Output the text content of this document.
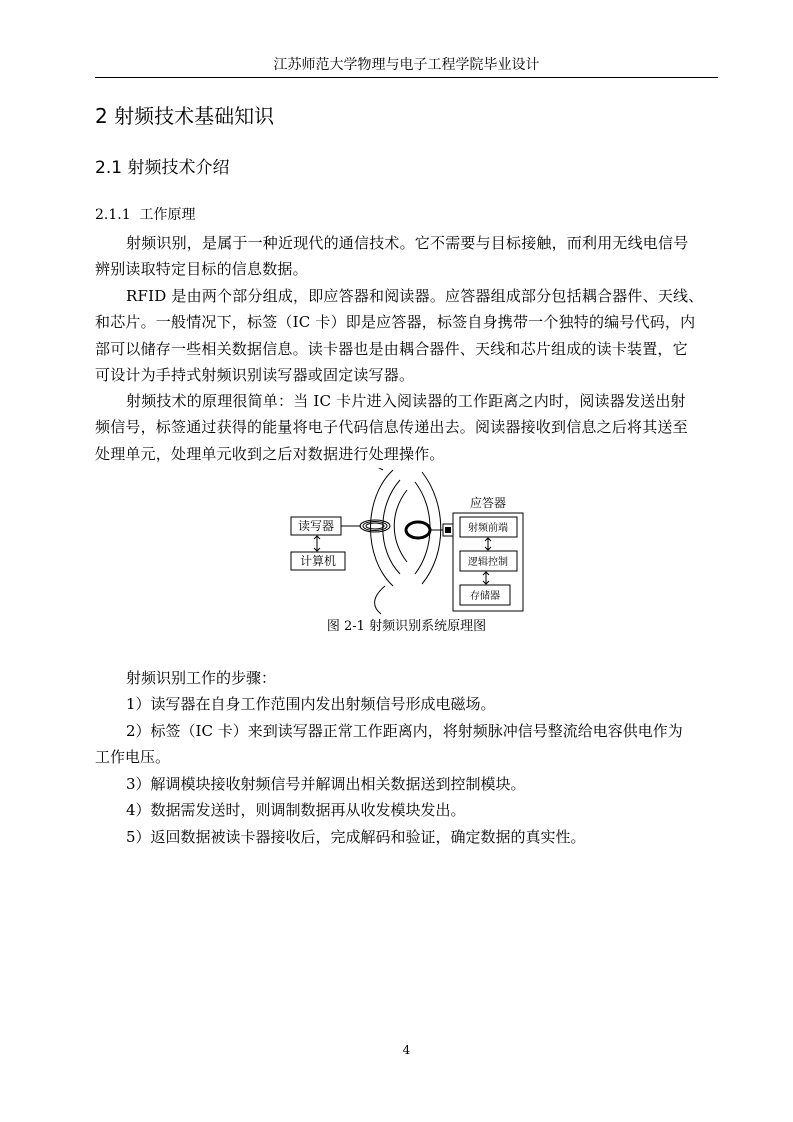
江苏师范大学物理与电子工程学院毕业设计
2 射频技术基础知识
2.1 射频技术介绍
2.1.1 工作原理
射频识别，是属于一种近现代的通信技术。它不需要与目标接触，而利用无线电信号
辨别读取特定目标的信息数据。
RFID 是由两个部分组成，即应答器和阅读器。应答器组成部分包括耦合器件、天线、
和芯片。一般情况下，标签（IC 卡）即是应答器，标签自身携带一个独特的编号代码，内
部可以储存一些相关数据信息。读卡器也是由耦合器件、天线和芯片组成的读卡装置，它
可设计为手持式射频识别读写器或固定读写器。
射频技术的原理很简单：当 IC 卡片进入阅读器的工作距离之内时，阅读器发送出射
频信号，标签通过获得的能量将电子代码信息传递出去。阅读器接收到信息之后将其送至
处理单元，处理单元收到之后对数据进行处理操作。
读写器
计算机
应答器
射频前端
逻辑控制
存储器
图 2-1 射频识别系统原理图
射频识别工作的步骤：
1）读写器在自身工作范围内发出射频信号形成电磁场。
2）标签（IC 卡）来到读写器正常工作距离内，将射频脉冲信号整流给电容供电作为
工作电压。
3）解调模块接收射频信号并解调出相关数据送到控制模块。
4）数据需发送时，则调制数据再从收发模块发出。
5）返回数据被读卡器接收后，完成解码和验证，确定数据的真实性。
4
